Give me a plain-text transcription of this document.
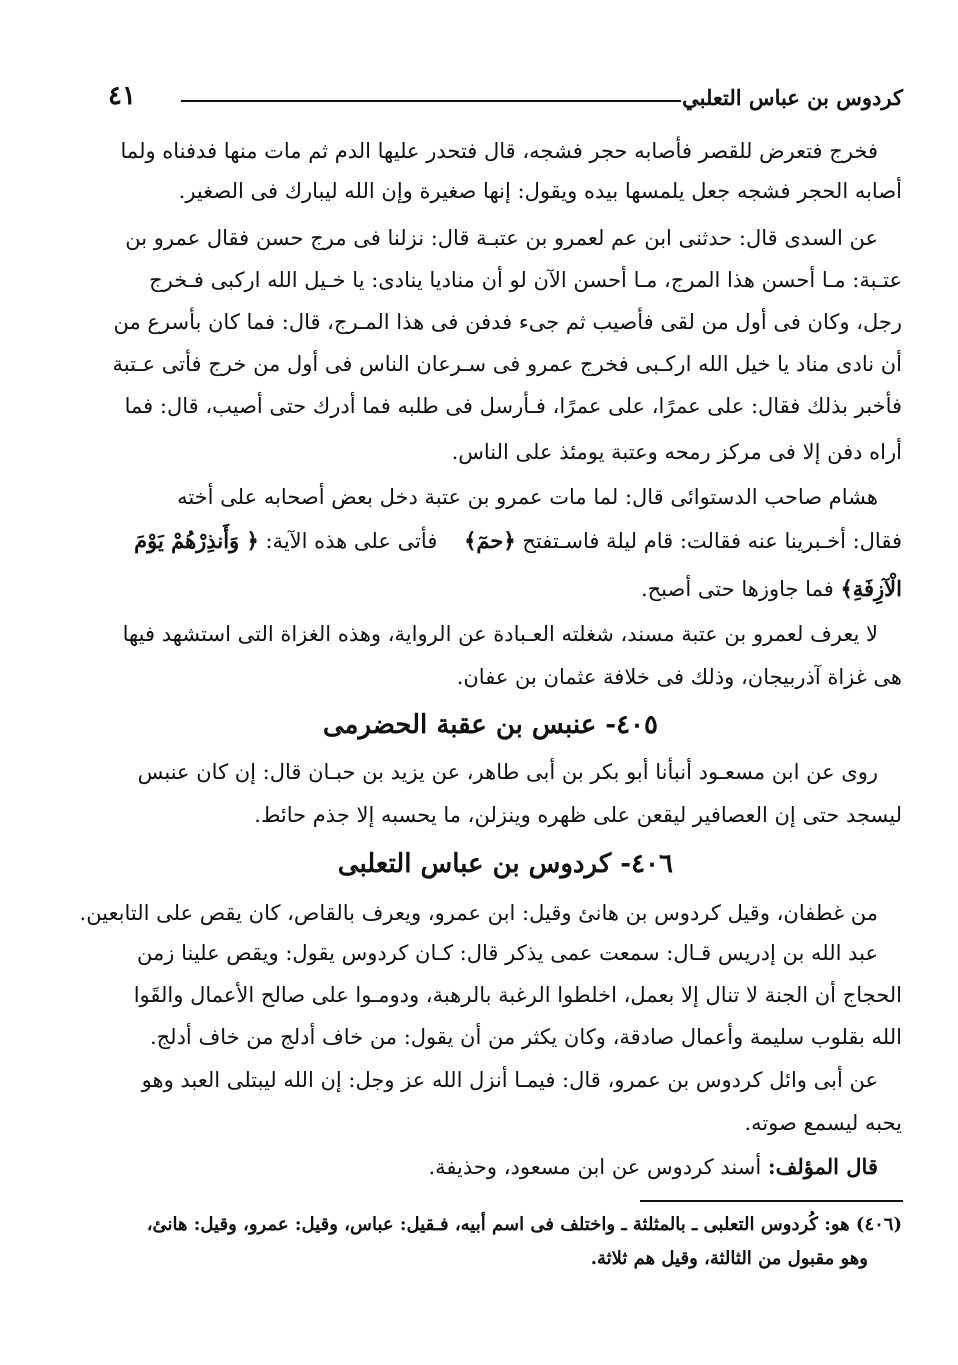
كردوس بن عباس التعلبي
٤١
فخرج فتعرض للقصر فأصابه حجر فشجه، قال فتحدر عليها الدم ثم مات منها فدفناه ولما
أصابه الحجر فشجه جعل يلمسها بيده ويقول: إنها صغيرة وإن الله ليبارك فى الصغير.
عن السدى قال: حدثنى ابن عم لعمرو بن عتبـة قال: نزلنا فى مرج حسن فقال عمرو بن
عتـبة: مـا أحسن هذا المرج، مـا أحسن الآن لو أن مناديا ينادى: يا خـيل الله اركبى فـخرج
رجل، وكان فى أول من لقى فأصيب ثم جىء فدفن فى هذا المـرج، قال: فما كان بأسرع من
أن نادى مناد يا خيل الله اركـبى فخرج عمرو فى سـرعان الناس فى أول من خرج فأتى عـتبة
فأخبر بذلك فقال: على عمرًا، على عمرًا، فـأرسل فى طلبه فما أدرك حتى أصيب، قال: فما
أراه دفن إلا فى مركز رمحه وعتبة يومئذ على الناس.
هشام صاحب الدستوائى قال: لما مات عمرو بن عتبة دخل بعض أصحابه على أخته
فقال: أخـبرينا عنه فقالت: قام ليلة فاسـتفتح ﴿حمٓ﴾    فأتى على هذه الآية: ﴿ وَأَنذِرْهُمْ يَوْمَ
الْآزِفَةِ﴾ فما جاوزها حتى أصبح.
لا يعرف لعمرو بن عتبة مسند، شغلته العـبادة عن الرواية، وهذه الغزاة التى استشهد فيها
هى غزاة آذربيجان، وذلك فى خلافة عثمان بن عفان.
٤٠٥- عنبس بن عقبة الحضرمى
روى عن ابن مسعـود أنبأنا أبو بكر بن أبى طاهر، عن يزيد بن حبـان قال: إن كان عنبس
ليسجد حتى إن العصافير ليقعن على ظهره وينزلن، ما يحسبه إلا جذم حائط.
٤٠٦- كردوس بن عباس التعلبى
من غطفان، وقيل كردوس بن هانئ وقيل: ابن عمرو، ويعرف بالقاص، كان يقص على التابعين.
عبد الله بن إدريس قـال: سمعت عمى يذكر قال: كـان كردوس يقول: ويقص علينا زمن
الحجاج أن الجنة لا تنال إلا بعمل، اخلطوا الرغبة بالرهبة، ودومـوا على صالح الأعمال والقَوا
الله بقلوب سليمة وأعمال صادقة، وكان يكثر من أن يقول: من خاف أدلج من خاف أدلج.
عن أبى وائل كردوس بن عمرو، قال: فيمـا أنزل الله عز وجل: إن الله ليبتلى العبد وهو
يحبه ليسمع صوته.
قال المؤلف: أسند كردوس عن ابن مسعود، وحذيفة.
(٤٠٦) هو: كُردوس التعلبى ـ بالمثلثة ـ واختلف فى اسم أبيه، فـقيل: عباس، وقيل: عمرو، وقيل: هانئ،
وهو مقبول من الثالثة، وقيل هم ثلاثة.
